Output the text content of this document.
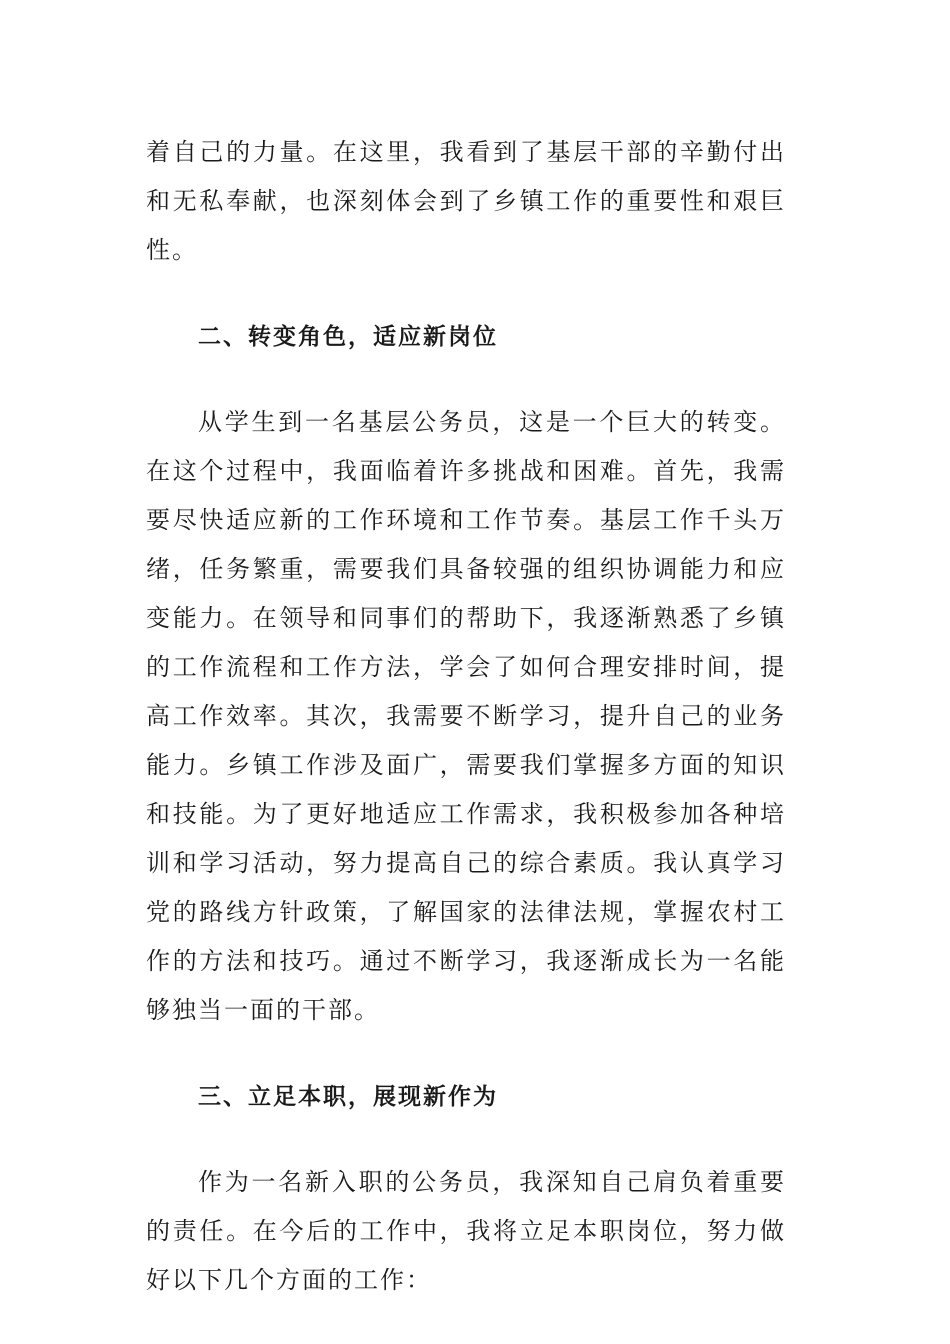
着自己的力量。在这里，我看到了基层干部的辛勤付出和无私奉献，也深刻体会到了乡镇工作的重要性和艰巨性。

二、转变角色，适应新岗位

从学生到一名基层公务员，这是一个巨大的转变。在这个过程中，我面临着许多挑战和困难。首先，我需要尽快适应新的工作环境和工作节奏。基层工作千头万绪，任务繁重，需要我们具备较强的组织协调能力和应变能力。在领导和同事们的帮助下，我逐渐熟悉了乡镇的工作流程和工作方法，学会了如何合理安排时间，提高工作效率。其次，我需要不断学习，提升自己的业务能力。乡镇工作涉及面广，需要我们掌握多方面的知识和技能。为了更好地适应工作需求，我积极参加各种培训和学习活动，努力提高自己的综合素质。我认真学习党的路线方针政策，了解国家的法律法规，掌握农村工作的方法和技巧。通过不断学习，我逐渐成长为一名能够独当一面的干部。

三、立足本职，展现新作为

作为一名新入职的公务员，我深知自己肩负着重要的责任。在今后的工作中，我将立足本职岗位，努力做好以下几个方面的工作：
